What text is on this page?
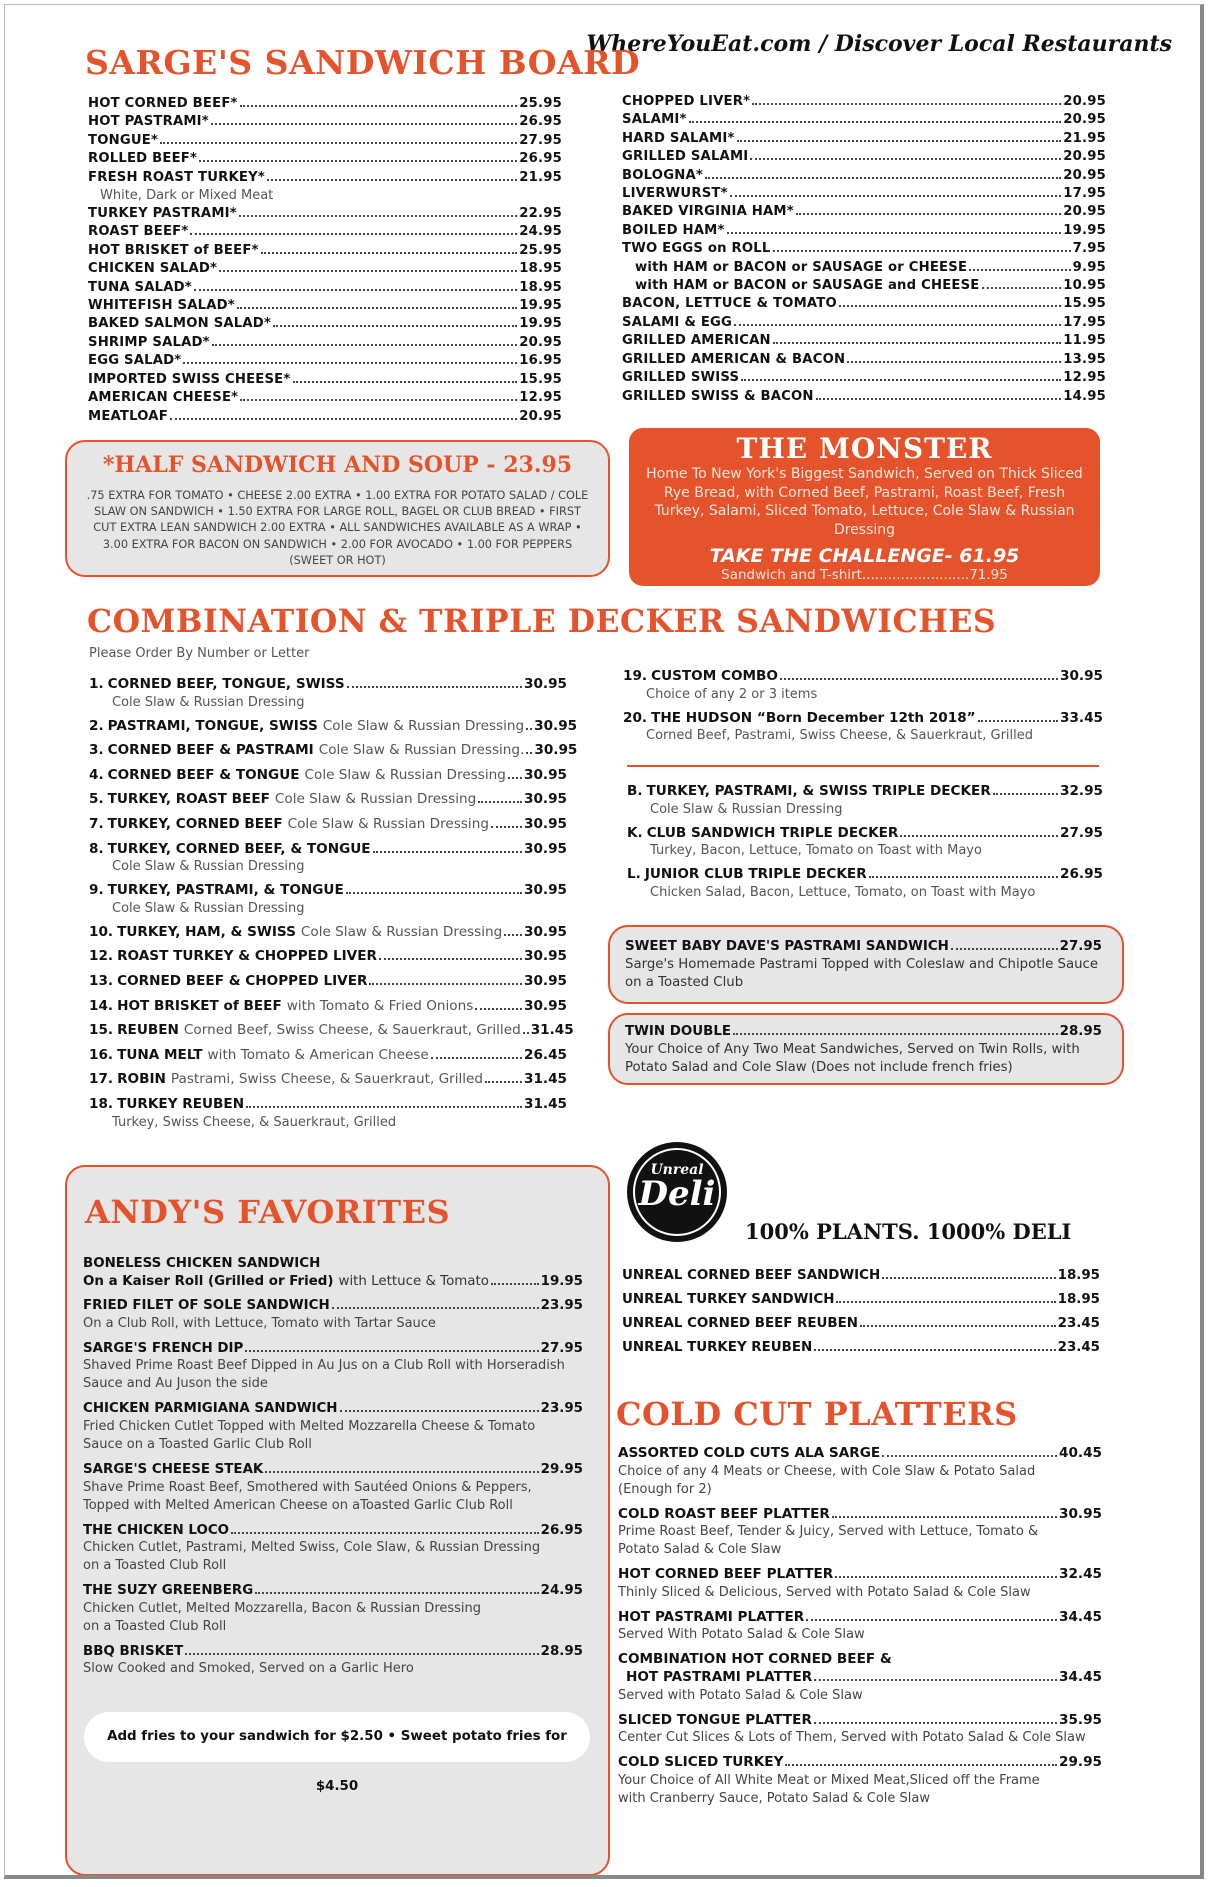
WhereYouEat.com / Discover Local Restaurants
SARGE'S SANDWICH BOARD
HOT CORNED BEEF*	25.95
HOT PASTRAMI*	26.95
TONGUE*	27.95
ROLLED BEEF*	26.95
FRESH ROAST TURKEY*	21.95
White, Dark or Mixed Meat
TURKEY PASTRAMI*	22.95
ROAST BEEF*	24.95
HOT BRISKET of BEEF*	25.95
CHICKEN SALAD*	18.95
TUNA SALAD*	18.95
WHITEFISH SALAD*	19.95
BAKED SALMON SALAD*	19.95
SHRIMP SALAD*	20.95
EGG SALAD*	16.95
IMPORTED SWISS CHEESE*	15.95
AMERICAN CHEESE*	12.95
MEATLOAF	20.95
CHOPPED LIVER*	20.95
SALAMI*	20.95
HARD SALAMI*	21.95
GRILLED SALAMI	20.95
BOLOGNA*	20.95
LIVERWURST*	17.95
BAKED VIRGINIA HAM*	20.95
BOILED HAM*	19.95
TWO EGGS on ROLL	7.95
with HAM or BACON or SAUSAGE or CHEESE	9.95
with HAM or BACON or SAUSAGE and CHEESE	10.95
BACON, LETTUCE & TOMATO	15.95
SALAMI & EGG	17.95
GRILLED AMERICAN	11.95
GRILLED AMERICAN & BACON	13.95
GRILLED SWISS	12.95
GRILLED SWISS & BACON	14.95
*HALF SANDWICH AND SOUP - 23.95
.75 EXTRA FOR TOMATO • CHEESE 2.00 EXTRA • 1.00 EXTRA FOR POTATO SALAD / COLE SLAW ON SANDWICH • 1.50 EXTRA FOR LARGE ROLL, BAGEL OR CLUB BREAD • FIRST CUT EXTRA LEAN SANDWICH 2.00 EXTRA • ALL SANDWICHES AVAILABLE AS A WRAP • 3.00 EXTRA FOR BACON ON SANDWICH • 2.00 FOR AVOCADO • 1.00 FOR PEPPERS (SWEET OR HOT)
THE MONSTER
Home To New York's Biggest Sandwich, Served on Thick Sliced Rye Bread, with Corned Beef, Pastrami, Roast Beef, Fresh Turkey, Salami, Sliced Tomato, Lettuce, Cole Slaw & Russian Dressing
TAKE THE CHALLENGE- 61.95
Sandwich and T-shirt.........................71.95
COMBINATION & TRIPLE DECKER SANDWICHES
Please Order By Number or Letter
1. CORNED BEEF, TONGUE, SWISS	30.95
Cole Slaw & Russian Dressing
2. PASTRAMI, TONGUE, SWISS Cole Slaw & Russian Dressing 30.95
3. CORNED BEEF & PASTRAMI Cole Slaw & Russian Dressing. 30.95
4. CORNED BEEF & TONGUE Cole Slaw & Russian Dressing 30.95
5. TURKEY, ROAST BEEF Cole Slaw & Russian Dressing	30.95
7. TURKEY, CORNED BEEF Cole Slaw & Russian Dressing	30.95
8. TURKEY, CORNED BEEF, & TONGUE	30.95
Cole Slaw & Russian Dressing
9. TURKEY, PASTRAMI, & TONGUE	30.95
Cole Slaw & Russian Dressing
10. TURKEY, HAM, & SWISS Cole Slaw & Russian Dressing 30.95
12. ROAST TURKEY & CHOPPED LIVER	30.95
13. CORNED BEEF & CHOPPED LIVER	30.95
14. HOT BRISKET of BEEF with Tomato & Fried Onions	30.95
15. REUBEN Corned Beef, Swiss Cheese, & Sauerkraut, Grilled 31.45
16. TUNA MELT with Tomato & American Cheese	26.45
17. ROBIN Pastrami, Swiss Cheese, & Sauerkraut, Grilled	31.45
18. TURKEY REUBEN	31.45
Turkey, Swiss Cheese, & Sauerkraut, Grilled
19. CUSTOM COMBO	30.95
Choice of any 2 or 3 items
20. THE HUDSON “Born December 12th 2018”	33.45
Corned Beef, Pastrami, Swiss Cheese, & Sauerkraut, Grilled
B. TURKEY, PASTRAMI, & SWISS TRIPLE DECKER	32.95
Cole Slaw & Russian Dressing
K. CLUB SANDWICH TRIPLE DECKER	27.95
Turkey, Bacon, Lettuce, Tomato on Toast with Mayo
L. JUNIOR CLUB TRIPLE DECKER	26.95
Chicken Salad, Bacon, Lettuce, Tomato, on Toast with Mayo
SWEET BABY DAVE'S PASTRAMI SANDWICH	27.95
Sarge's Homemade Pastrami Topped with Coleslaw and Chipotle Sauce
on a Toasted Club
TWIN DOUBLE	28.95
Your Choice of Any Two Meat Sandwiches, Served on Twin Rolls, with
Potato Salad and Cole Slaw (Does not include french fries)
ANDY'S FAVORITES
BONELESS CHICKEN SANDWICH
On a Kaiser Roll (Grilled or Fried) with Lettuce & Tomato	19.95
FRIED FILET OF SOLE SANDWICH	23.95
On a Club Roll, with Lettuce, Tomato with Tartar Sauce
SARGE'S FRENCH DIP	27.95
Shaved Prime Roast Beef Dipped in Au Jus on a Club Roll with Horseradish
Sauce and Au Juson the side
CHICKEN PARMIGIANA SANDWICH	23.95
Fried Chicken Cutlet Topped with Melted Mozzarella Cheese & Tomato
Sauce on a Toasted Garlic Club Roll
SARGE'S CHEESE STEAK	29.95
Shave Prime Roast Beef, Smothered with Sautéed Onions & Peppers,
Topped with Melted American Cheese on aToasted Garlic Club Roll
THE CHICKEN LOCO	26.95
Chicken Cutlet, Pastrami, Melted Swiss, Cole Slaw, & Russian Dressing
on a Toasted Club Roll
THE SUZY GREENBERG	24.95
Chicken Cutlet, Melted Mozzarella, Bacon & Russian Dressing
on a Toasted Club Roll
BBQ BRISKET	28.95
Slow Cooked and Smoked, Served on a Garlic Hero
Add fries to your sandwich for $2.50 • Sweet potato fries for $4.50
Unreal
Deli
100% PLANTS. 1000% DELI
UNREAL CORNED BEEF SANDWICH	18.95
UNREAL TURKEY SANDWICH	18.95
UNREAL CORNED BEEF REUBEN	23.45
UNREAL TURKEY REUBEN	23.45
COLD CUT PLATTERS
ASSORTED COLD CUTS ALA SARGE	40.45
Choice of any 4 Meats or Cheese, with Cole Slaw & Potato Salad
(Enough for 2)
COLD ROAST BEEF PLATTER	30.95
Prime Roast Beef, Tender & Juicy, Served with Lettuce, Tomato &
Potato Salad & Cole Slaw
HOT CORNED BEEF PLATTER	32.45
Thinly Sliced & Delicious, Served with Potato Salad & Cole Slaw
HOT PASTRAMI PLATTER	34.45
Served With Potato Salad & Cole Slaw
COMBINATION HOT CORNED BEEF &
HOT PASTRAMI PLATTER	34.45
Served with Potato Salad & Cole Slaw
SLICED TONGUE PLATTER	35.95
Center Cut Slices & Lots of Them, Served with Potato Salad & Cole Slaw
COLD SLICED TURKEY	29.95
Your Choice of All White Meat or Mixed Meat,Sliced off the Frame
with Cranberry Sauce, Potato Salad & Cole Slaw
